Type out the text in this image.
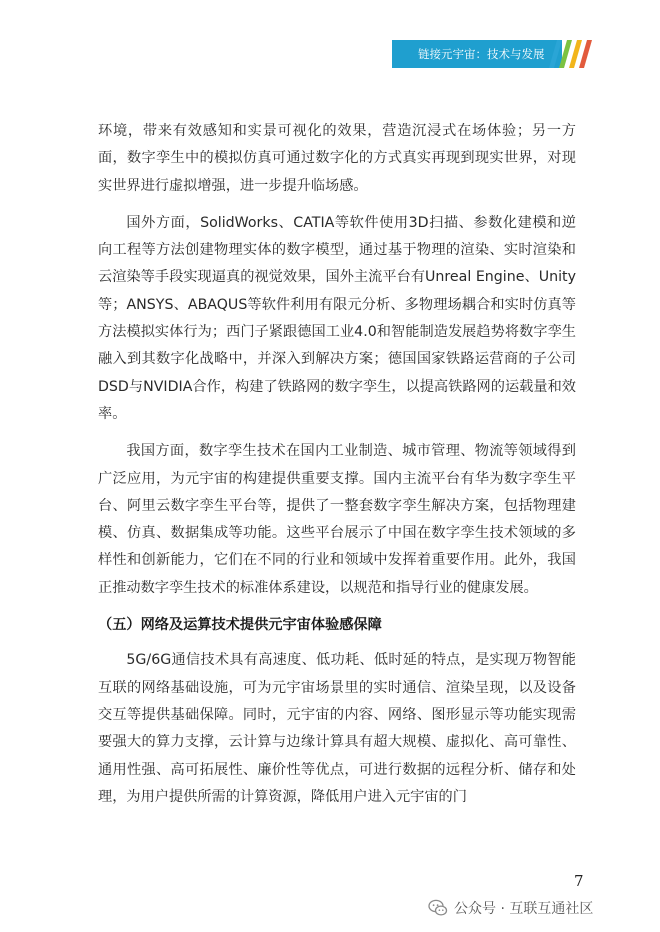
链接元宇宙：技术与发展

环境，带来有效感知和实景可视化的效果，营造沉浸式在场体验；另一方面，数字孪生中的模拟仿真可通过数字化的方式真实再现到现实世界，对现实世界进行虚拟增强，进一步提升临场感。

国外方面，SolidWorks、CATIA等软件使用3D扫描、参数化建模和逆向工程等方法创建物理实体的数字模型，通过基于物理的渲染、实时渲染和云渲染等手段实现逼真的视觉效果，国外主流平台有Unreal Engine、Unity等；ANSYS、ABAQUS等软件利用有限元分析、多物理场耦合和实时仿真等方法模拟实体行为；西门子紧跟德国工业4.0和智能制造发展趋势将数字孪生融入到其数字化战略中，并深入到解决方案；德国国家铁路运营商的子公司DSD与NVIDIA合作，构建了铁路网的数字孪生，以提高铁路网的运载量和效率。

我国方面，数字孪生技术在国内工业制造、城市管理、物流等领域得到广泛应用，为元宇宙的构建提供重要支撑。国内主流平台有华为数字孪生平台、阿里云数字孪生平台等，提供了一整套数字孪生解决方案，包括物理建模、仿真、数据集成等功能。这些平台展示了中国在数字孪生技术领域的多样性和创新能力，它们在不同的行业和领域中发挥着重要作用。此外，我国正推动数字孪生技术的标准体系建设，以规范和指导行业的健康发展。

（五）网络及运算技术提供元宇宙体验感保障

5G/6G通信技术具有高速度、低功耗、低时延的特点，是实现万物智能互联的网络基础设施，可为元宇宙场景里的实时通信、渲染呈现，以及设备交互等提供基础保障。同时，元宇宙的内容、网络、图形显示等功能实现需要强大的算力支撑，云计算与边缘计算具有超大规模、虚拟化、高可靠性、通用性强、高可拓展性、廉价性等优点，可进行数据的远程分析、储存和处理，为用户提供所需的计算资源，降低用户进入元宇宙的门

7
公众号 · 互联互通社区
